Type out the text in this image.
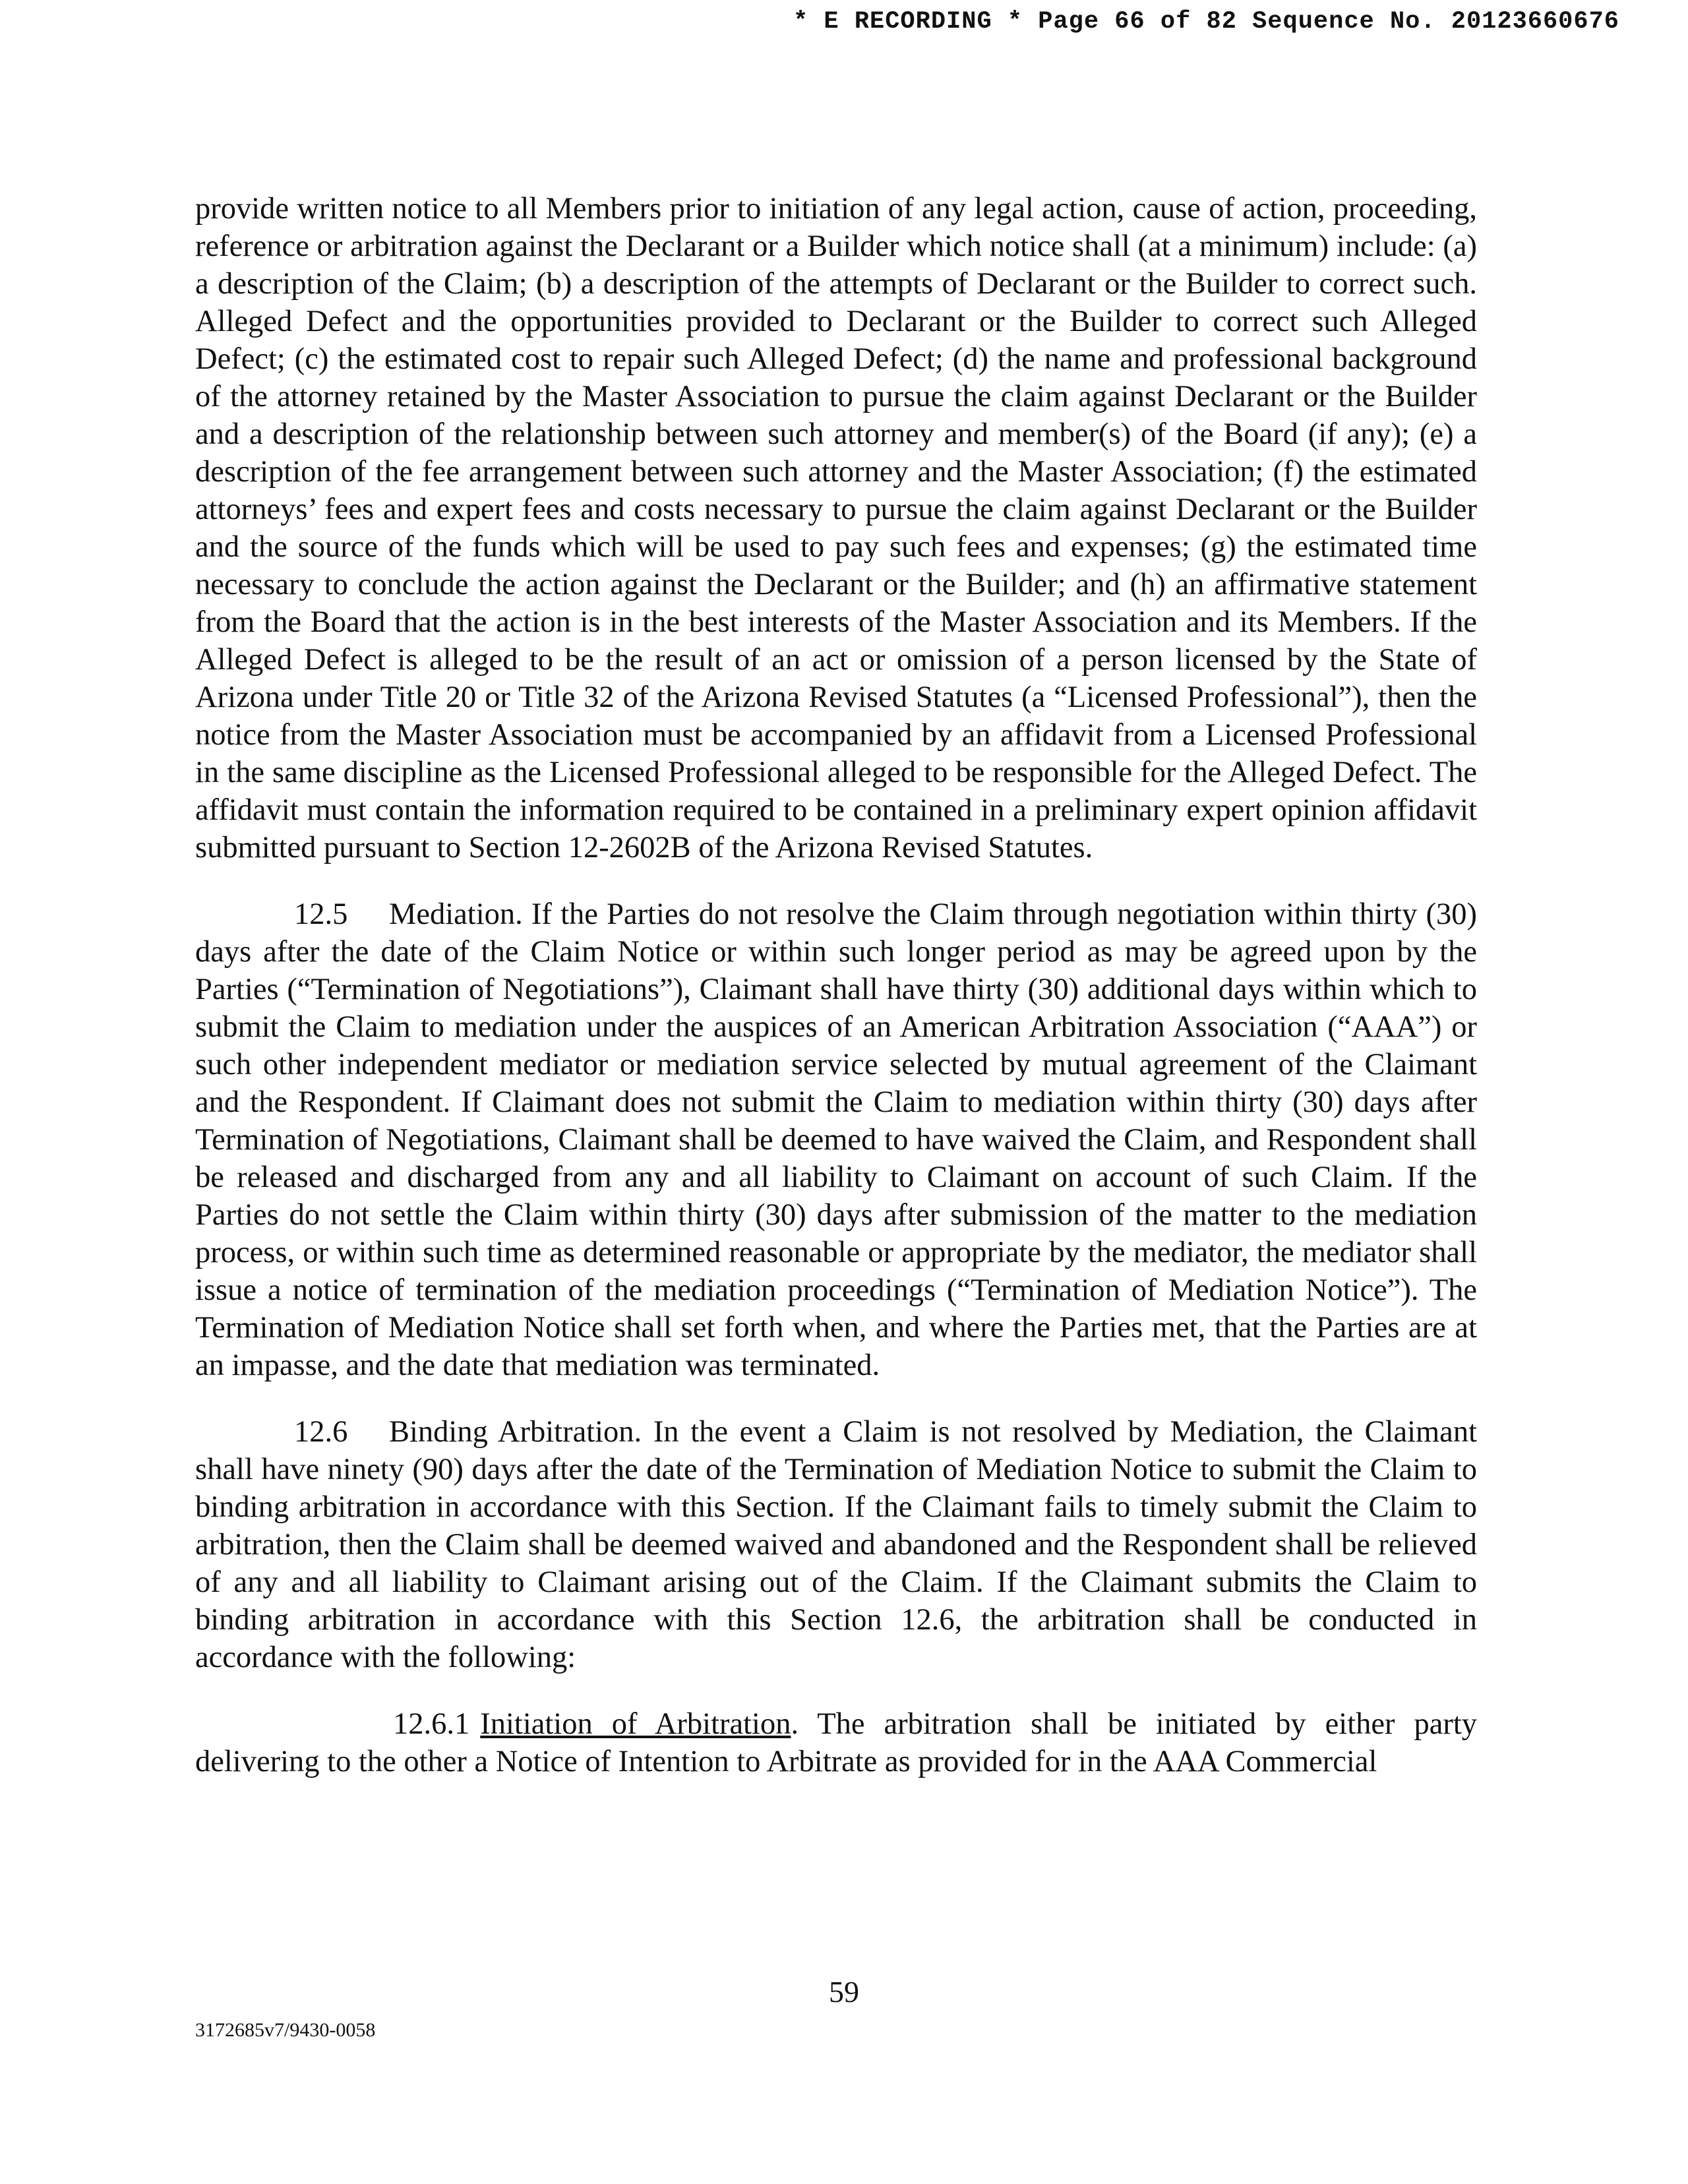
* E RECORDING * Page 66 of 82 Sequence No. 20123660676

provide written notice to all Members prior to initiation of any legal action, cause of action, proceeding, reference or arbitration against the Declarant or a Builder which notice shall (at a minimum) include: (a) a description of the Claim; (b) a description of the attempts of Declarant or the Builder to correct such. Alleged Defect and the opportunities provided to Declarant or the Builder to correct such Alleged Defect; (c) the estimated cost to repair such Alleged Defect; (d) the name and professional background of the attorney retained by the Master Association to pursue the claim against Declarant or the Builder and a description of the relationship between such attorney and member(s) of the Board (if any); (e) a description of the fee arrangement between such attorney and the Master Association; (f) the estimated attorneys’ fees and expert fees and costs necessary to pursue the claim against Declarant or the Builder and the source of the funds which will be used to pay such fees and expenses; (g) the estimated time necessary to conclude the action against the Declarant or the Builder; and (h) an affirmative statement from the Board that the action is in the best interests of the Master Association and its Members. If the Alleged Defect is alleged to be the result of an act or omission of a person licensed by the State of Arizona under Title 20 or Title 32 of the Arizona Revised Statutes (a “Licensed Professional”), then the notice from the Master Association must be accompanied by an affidavit from a Licensed Professional in the same discipline as the Licensed Professional alleged to be responsible for the Alleged Defect. The affidavit must contain the information required to be contained in a preliminary expert opinion affidavit submitted pursuant to Section 12-2602B of the Arizona Revised Statutes.

12.5 Mediation. If the Parties do not resolve the Claim through negotiation within thirty (30) days after the date of the Claim Notice or within such longer period as may be agreed upon by the Parties (“Termination of Negotiations”), Claimant shall have thirty (30) additional days within which to submit the Claim to mediation under the auspices of an American Arbitration Association (“AAA”) or such other independent mediator or mediation service selected by mutual agreement of the Claimant and the Respondent. If Claimant does not submit the Claim to mediation within thirty (30) days after Termination of Negotiations, Claimant shall be deemed to have waived the Claim, and Respondent shall be released and discharged from any and all liability to Claimant on account of such Claim. If the Parties do not settle the Claim within thirty (30) days after submission of the matter to the mediation process, or within such time as determined reasonable or appropriate by the mediator, the mediator shall issue a notice of termination of the mediation proceedings (“Termination of Mediation Notice”). The Termination of Mediation Notice shall set forth when, and where the Parties met, that the Parties are at an impasse, and the date that mediation was terminated.

12.6 Binding Arbitration. In the event a Claim is not resolved by Mediation, the Claimant shall have ninety (90) days after the date of the Termination of Mediation Notice to submit the Claim to binding arbitration in accordance with this Section. If the Claimant fails to timely submit the Claim to arbitration, then the Claim shall be deemed waived and abandoned and the Respondent shall be relieved of any and all liability to Claimant arising out of the Claim. If the Claimant submits the Claim to binding arbitration in accordance with this Section 12.6, the arbitration shall be conducted in accordance with the following:

12.6.1 Initiation of Arbitration. The arbitration shall be initiated by either party delivering to the other a Notice of Intention to Arbitrate as provided for in the AAA Commercial

59
3172685v7/9430-0058
